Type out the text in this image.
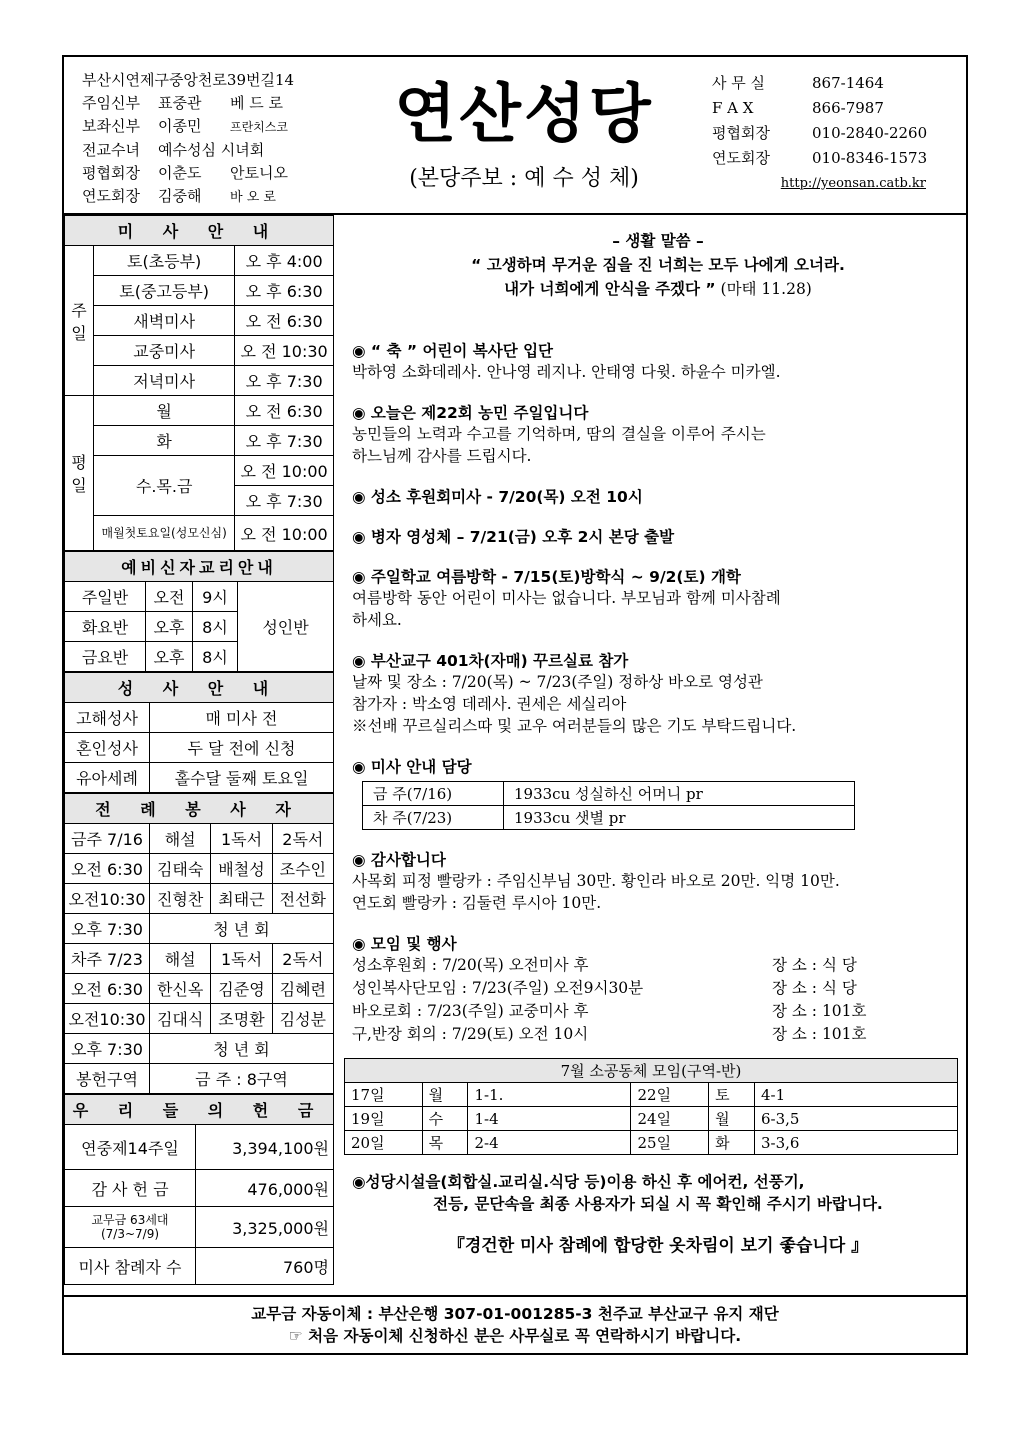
부산시연제구중앙천로39번길14
주임신부 표중관 베 드 로
보좌신부 이종민 프란치스코
전교수녀 예수성심 시녀회
평협회장 이춘도 안토니오
연도회장 김중해 바 오 로
연산성당
(본당주보 : 예 수 성 체)
사 무 실	867-1464
F A X	866-7987
평협회장	010-2840-2260
연도회장	010-8346-1573
http://yeonsan.catb.kr
미 사 안 내		
주일	토(초등부)	오 후 4:00
	토(중고등부)	오 후 6:30
	새벽미사	오 전 6:30
	교중미사	오 전 10:30
	저녁미사	오 후 7:30
평일	월	오 전 6:30
	화	오 후 7:30
	수.목.금	오 전 10:00
		오 후 7:30
	매월첫토요일(성모신심)	오 전 10:00
예비신자교리안내			
주일반	오전	9시	성인반
화요반	오후	8시	
금요반	오후	8시	
성 사 안 내	
고해성사	매 미사 전
혼인성사	두 달 전에 신청
유아세례	홀수달 둘째 토요일
전 례 봉 사 자			
금주 7/16	해설	1독서	2독서
오전 6:30	김태숙	배철성	조수인
오전10:30	진형찬	최태근	전선화
오후 7:30	청 년 회		
차주 7/23	해설	1독서	2독서
오전 6:30	한신옥	김준영	김혜련
오전10:30	김대식	조명환	김성분
오후 7:30	청 년 회		
봉헌구역	금 주 : 8구역		
우 리 들 의 헌 금	
연중제14주일	3,394,100원
감 사 헌 금	476,000원
교무금 63세대 (7/3~7/9)	3,325,000원
미사 참례자 수	760명
– 생활 말씀 –
“ 고생하며 무거운 짐을 진 너희는 모두 나에게 오너라.
내가 너희에게 안식을 주겠다 ” (마태 11.28)
◉ “ 축 ” 어린이 복사단 입단
박하영 소화데레사. 안나영 레지나. 안태영 다윗. 하윤수 미카엘.
◉ 오늘은 제22회 농민 주일입니다
농민들의 노력과 수고를 기억하며, 땀의 결실을 이루어 주시는
하느님께 감사를 드립시다.
◉ 성소 후원회미사 - 7/20(목) 오전 10시
◉ 병자 영성체 – 7/21(금) 오후 2시 본당 출발
◉ 주일학교 여름방학 - 7/15(토)방학식 ~ 9/2(토) 개학
여름방학 동안 어린이 미사는 없습니다. 부모님과 함께 미사참례
하세요.
◉ 부산교구 401차(자매) 꾸르실료 참가
날짜 및 장소 : 7/20(목) ~ 7/23(주일) 정하상 바오로 영성관
참가자 : 박소영 데레사. 권세은 세실리아
※선배 꾸르실리스따 및 교우 여러분들의 많은 기도 부탁드립니다.
◉ 미사 안내 담당
금 주(7/16)	1933cu 성실하신 어머니 pr
차 주(7/23)	1933cu 샛별 pr
◉ 감사합니다
사목회 피정 빨랑카 : 주임신부님 30만. 황인라 바오로 20만. 익명 10만.
연도회 빨랑카 : 김둘련 루시아 10만.
◉ 모임 및 행사
성소후원회 : 7/20(목) 오전미사 후	장 소 : 식 당
성인복사단모임 : 7/23(주일) 오전9시30분	장 소 : 식 당
바오로회 : 7/23(주일) 교중미사 후	장 소 : 101호
구,반장 회의 : 7/29(토) 오전 10시	장 소 : 101호
7월 소공동체 모임(구역-반)					
17일	월	1-1.	22일	토	4-1
19일	수	1-4	24일	월	6-3,5
20일	목	2-4	25일	화	3-3,6
◉성당시설을(회합실.교리실.식당 등)이용 하신 후 에어컨, 선풍기,
전등, 문단속을 최종 사용자가 되실 시 꼭 확인해 주시기 바랍니다.
『경건한 미사 참례에 합당한 옷차림이 보기 좋습니다 』
교무금 자동이체 : 부산은행 307-01-001285-3 천주교 부산교구 유지 재단
☞ 처음 자동이체 신청하신 분은 사무실로 꼭 연락하시기 바랍니다.
